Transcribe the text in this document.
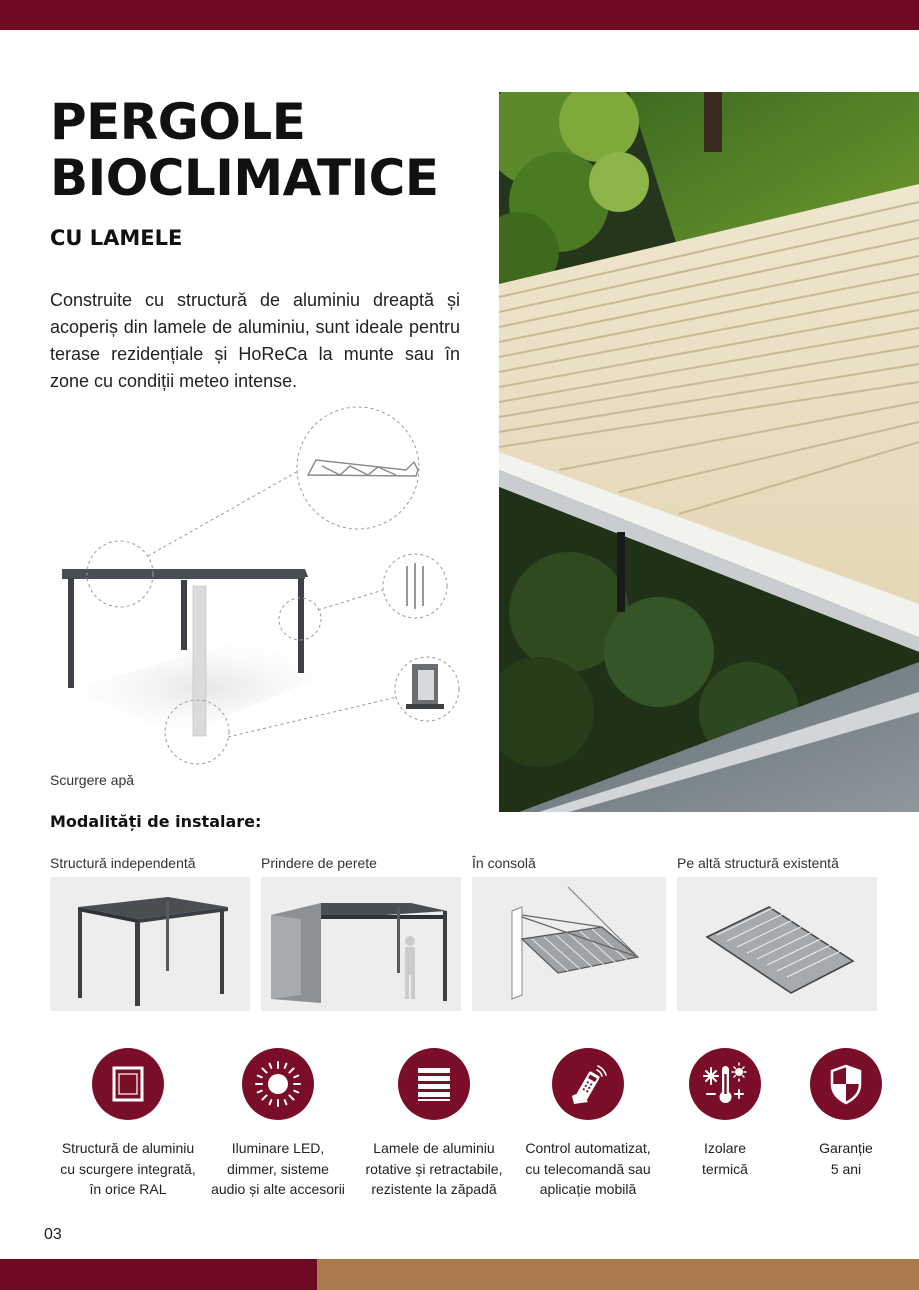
PERGOLE
BIOCLIMATICE
CU LAMELE

Construite cu structură de aluminiu dreaptă și acoperiș din lamele de aluminiu, sunt ideale pentru terase rezidențiale și HoReCa la munte sau în zone cu condiții meteo intense.

Scurgere apă
Modalități de instalare:
Structură independentă	Prindere de perete	În consolă	Pe altă structură existentă
Structură de aluminiu
cu scurgere integrată,
în orice RAL
Iluminare LED,
dimmer, sisteme
audio și alte accesorii
Lamele de aluminiu
rotative și retractabile,
rezistente la zăpadă
Control automatizat,
cu telecomandă sau
aplicație mobilă
Izolare
termică
Garanție
5 ani
03
